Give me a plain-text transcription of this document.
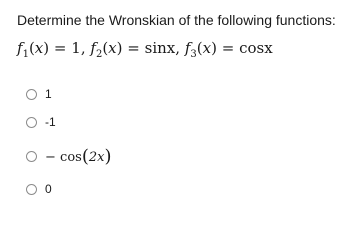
Determine the Wronskian of the following functions:
$f_1(x) = 1$, $f_2(x) = \sin x$, $f_3(x) = \cos x$
1
-1
− cos(2x)
0
